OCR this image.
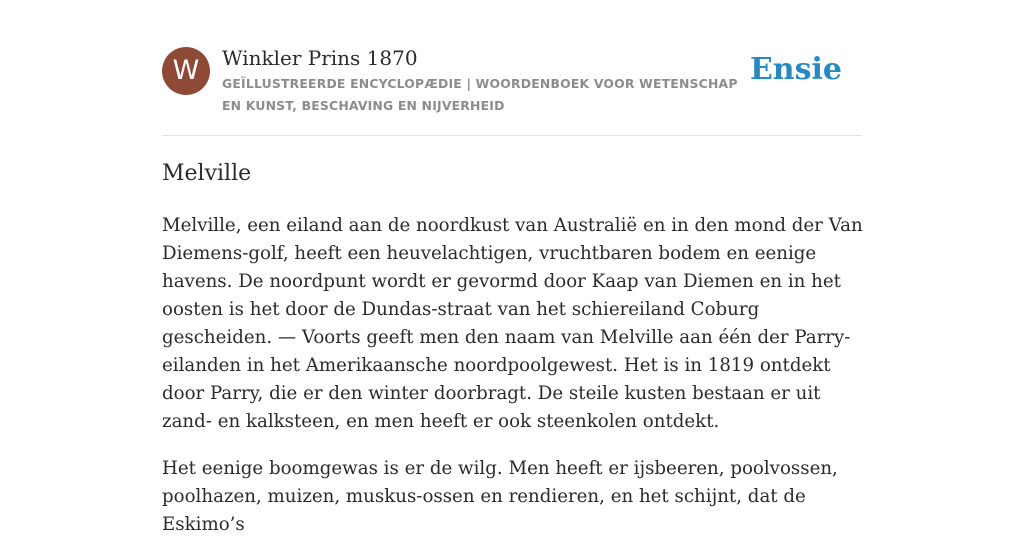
W	Winkler Prins 1870
GEÏLLUSTREERDE ENCYCLOPÆDIE | WOORDENBOEK VOOR WETENSCHAP EN KUNST, BESCHAVING EN NIJVERHEID
Ensie
Melville

Melville, een eiland aan de noordkust van Australië en in den mond der Van Diemens-golf, heeft een heuvelachtigen, vruchtbaren bodem en eenige havens. De noordpunt wordt er gevormd door Kaap van Diemen en in het oosten is het door de Dundas-straat van het schiereiland Coburg gescheiden. — Voorts geeft men den naam van Melville aan één der Parry-eilanden in het Amerikaansche noordpoolgewest. Het is in 1819 ontdekt door Parry, die er den winter doorbragt. De steile kusten bestaan er uit zand- en kalksteen, en men heeft er ook steenkolen ontdekt.

Het eenige boomgewas is er de wilg. Men heeft er ijsbeeren, poolvossen, poolhazen, muizen, muskus-ossen en rendieren, en het schijnt, dat de Eskimo’s
